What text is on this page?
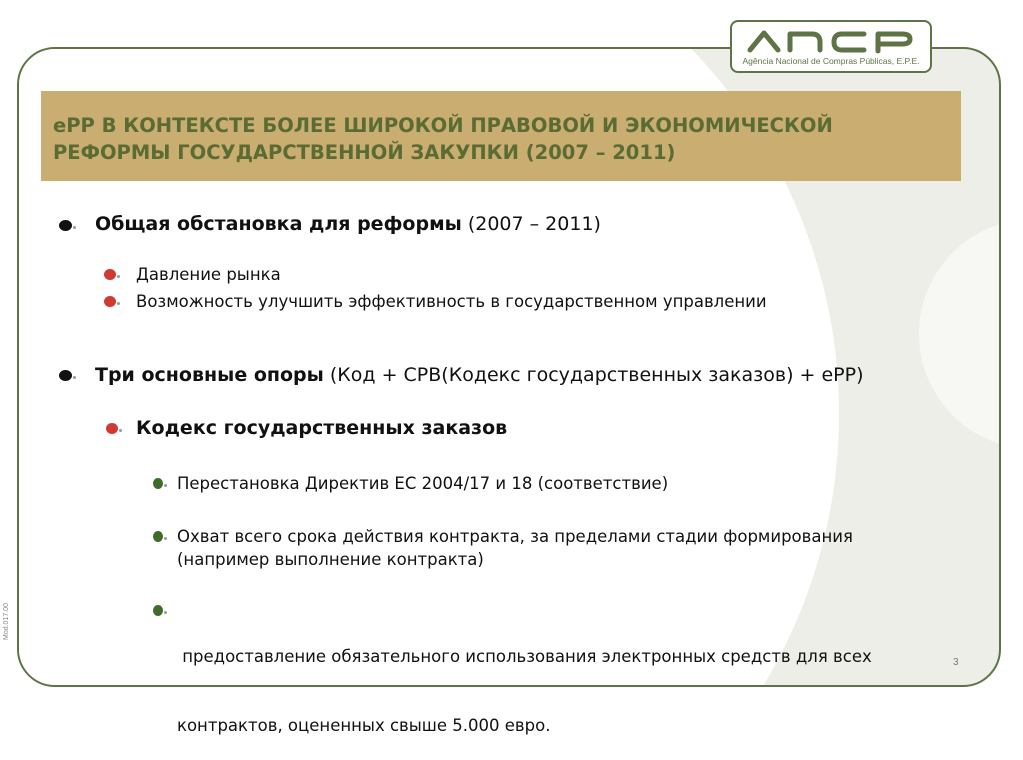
Agência Nacional de Compras Públicas, E.P.E.
ePP В КОНТЕКСТЕ БОЛЕЕ ШИРОКОЙ ПРАВОВОЙ И ЭКОНОМИЧЕСКОЙ
РЕФОРМЫ ГОСУДАРСТВЕННОЙ ЗАКУПКИ (2007 – 2011)
Общая обстановка для реформы (2007 – 2011)
Давление рынка
Возможность улучшить эффективность в государственном управлении
Три основные опоры (Код + CPB(Кодекс государственных заказов) + ePP)
Кодекс государственных заказов
Перестановка Директив ЕС 2004/17 и 18 (соответствие)
Охват всего срока действия контракта, за пределами стадии формирования
(например выполнение контракта)

предоставление обязательного использования электронных средств для всех

контрактов, оцененных свыше 5.000 евро.

3
Mod.017.00
